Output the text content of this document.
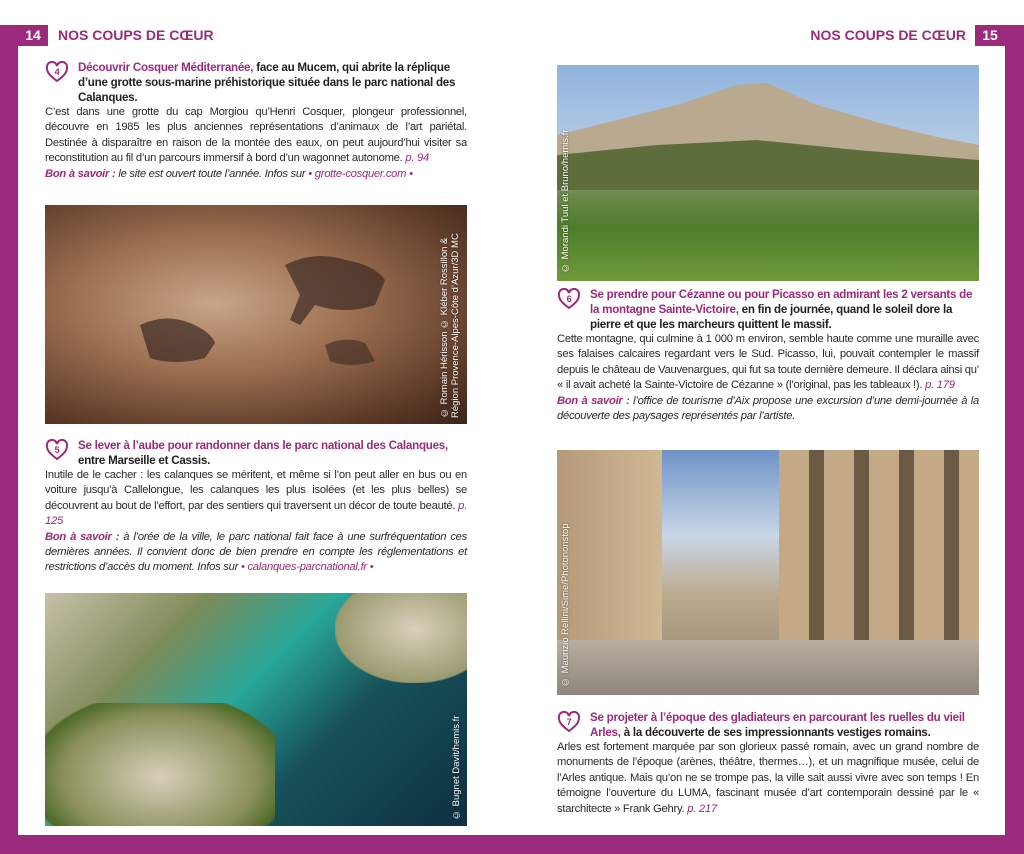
14	NOS COUPS DE CŒUR	NOS COUPS DE CŒUR	15
4	Découvrir Cosquer Méditerranée, face au Mucem, qui abrite la réplique d’une grotte sous-marine préhistorique située dans le parc national des Calanques.

C’est dans une grotte du cap Morgiou qu’Henri Cosquer, plongeur professionnel, découvre en 1985 les plus anciennes représentations d’animaux de l’art pariétal. Destinée à disparaître en raison de la montée des eaux, on peut aujourd’hui visiter sa reconstitution au fil d’un parcours immersif à bord d’un wagonnet autonome. p. 94

Bon à savoir : le site est ouvert toute l’année. Infos sur • grotte-cosquer.com •

© Romain Hérisson © Kléber Rossillon & Région Provence-Alpes-Côte d’Azur/3D MC
5	Se lever à l’aube pour randonner dans le parc national des Calanques, entre Marseille et Cassis.

Inutile de le cacher : les calanques se méritent, et même si l’on peut aller en bus ou en voiture jusqu’à Callelongue, les calanques les plus isolées (et les plus belles) se découvrent au bout de l’effort, par des sentiers qui traversent un décor de toute beauté. p. 125

Bon à savoir : à l’orée de la ville, le parc national fait face à une surfréquentation ces dernières années. Il convient donc de bien prendre en compte les réglementations et restrictions d’accès du moment. Infos sur • calanques-parcnational.fr •

© Bugnet Davit/hemis.fr
© Morandi Tuul et Bruno/hemis.fr
6	Se prendre pour Cézanne ou pour Picasso en admirant les 2 versants de la montagne Sainte-Victoire, en fin de journée, quand le soleil dore la pierre et que les marcheurs quittent le massif.

Cette montagne, qui culmine à 1 000 m environ, semble haute comme une muraille avec ses falaises calcaires regardant vers le Sud. Picasso, lui, pouvait contempler le massif depuis le château de Vauvenargues, qui fut sa toute dernière demeure. Il déclara ainsi qu’ « il avait acheté la Sainte-Victoire de Cézanne » (l’original, pas les tableaux !). p. 179

Bon à savoir : l’office de tourisme d’Aix propose une excursion d’une demi-journée à la découverte des paysages représentés par l’artiste.

© Maurizio Rellini/Sime/Photononstop
7	Se projeter à l’époque des gladiateurs en parcourant les ruelles du vieil Arles, à la découverte de ses impressionnants vestiges romains.

Arles est fortement marquée par son glorieux passé romain, avec un grand nombre de monuments de l’époque (arènes, théâtre, thermes…), et un magnifique musée, celui de l’Arles antique. Mais qu’on ne se trompe pas, la ville sait aussi vivre avec son temps ! En témoigne l’ouverture du LUMA, fascinant musée d’art contemporain dessiné par le « starchitecte » Frank Gehry. p. 217
